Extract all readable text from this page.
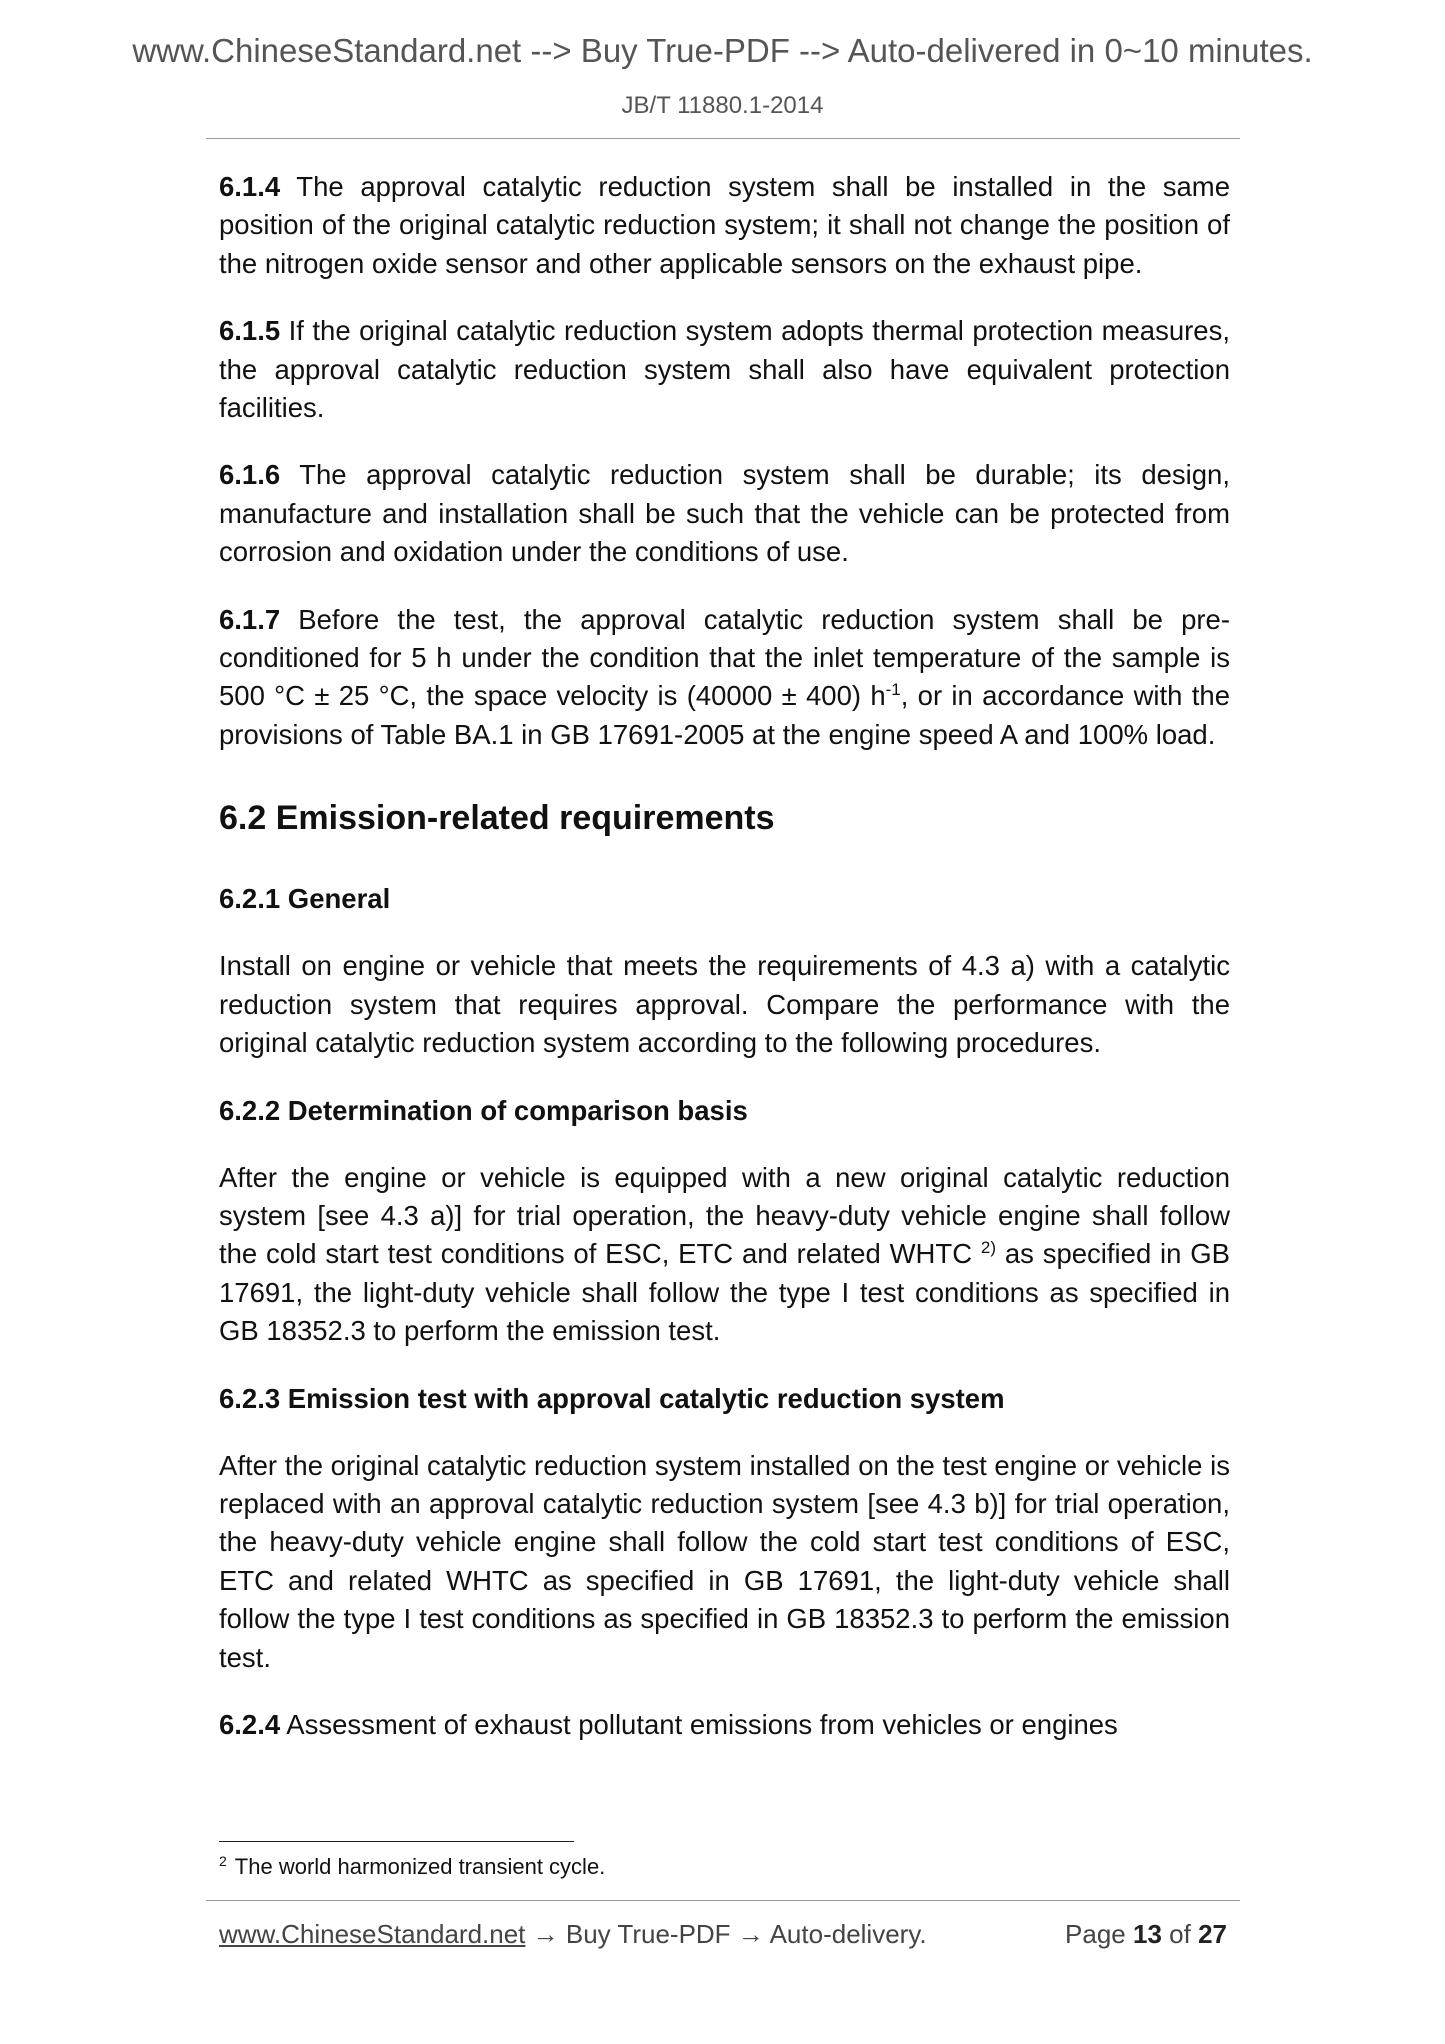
www.ChineseStandard.net --> Buy True-PDF --> Auto-delivered in 0~10 minutes.
JB/T 11880.1-2014

6.1.4 The approval catalytic reduction system shall be installed in the same position of the original catalytic reduction system; it shall not change the position of the nitrogen oxide sensor and other applicable sensors on the exhaust pipe.

6.1.5 If the original catalytic reduction system adopts thermal protection measures, the approval catalytic reduction system shall also have equivalent protection facilities.

6.1.6 The approval catalytic reduction system shall be durable; its design, manufacture and installation shall be such that the vehicle can be protected from corrosion and oxidation under the conditions of use.

6.1.7 Before the test, the approval catalytic reduction system shall be pre-conditioned for 5 h under the condition that the inlet temperature of the sample is 500 °C ± 25 °C, the space velocity is (40000 ± 400) $h^{-1}$, or in accordance with the provisions of Table BA.1 in GB 17691-2005 at the engine speed A and 100% load.

6.2 Emission-related requirements
6.2.1 General

Install on engine or vehicle that meets the requirements of 4.3 a) with a catalytic reduction system that requires approval. Compare the performance with the original catalytic reduction system according to the following procedures.

6.2.2 Determination of comparison basis

After the engine or vehicle is equipped with a new original catalytic reduction system [see 4.3 a)] for trial operation, the heavy-duty vehicle engine shall follow the cold start test conditions of ESC, ETC and related WHTC $^{2)}$ as specified in GB 17691, the light-duty vehicle shall follow the type I test conditions as specified in GB 18352.3 to perform the emission test.

6.2.3 Emission test with approval catalytic reduction system

After the original catalytic reduction system installed on the test engine or vehicle is replaced with an approval catalytic reduction system [see 4.3 b)] for trial operation, the heavy-duty vehicle engine shall follow the cold start test conditions of ESC, ETC and related WHTC as specified in GB 17691, the light-duty vehicle shall follow the type I test conditions as specified in GB 18352.3 to perform the emission test.

6.2.4 Assessment of exhaust pollutant emissions from vehicles or engines

$^2$ The world harmonized transient cycle.
www.ChineseStandard.net → Buy True-PDF → Auto-delivery.	Page 13 of 27
